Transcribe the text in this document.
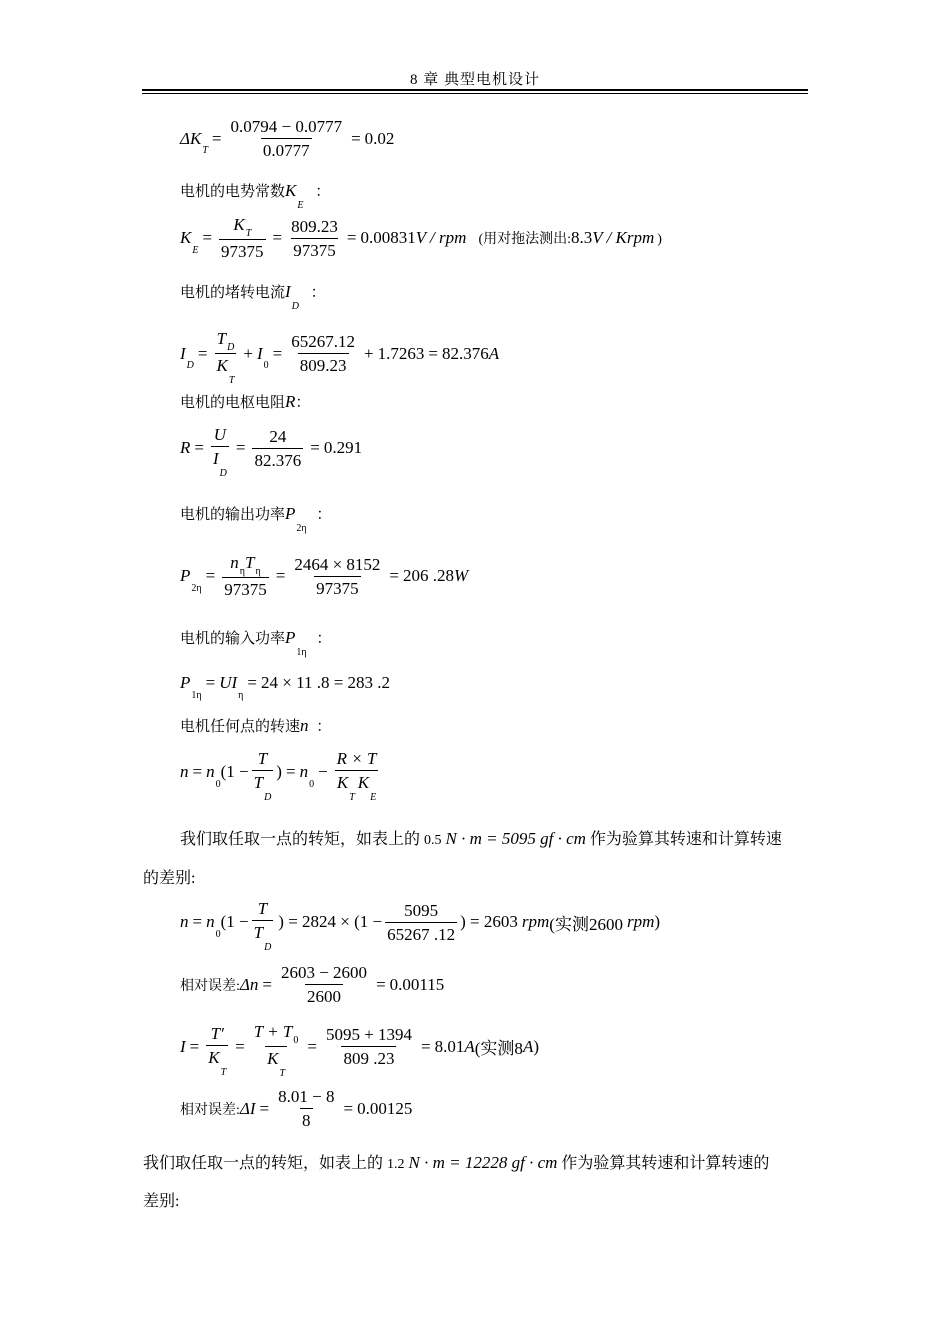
8 章 典型电机设计
ΔK
T
= $\frac{0.0794 - 0.0777}{0.0777} = 0.02$
电机的电势常数$K_E$ ：
K
E
= $\frac{K_T}{97375} = \frac{809.23}{97375} = 0.00831$ V / rpm (用对拖法测出:8.3V / Krpm )
电机的堵转电流$I_D$ ：
I
D
= $\frac{T_D}{K_T} + I$
0
= $\frac{65267.12}{809.23} + 1.7263 = 82.376$ A
电机的电枢电阻R：
$R = \frac{U}{I_D} = \frac{24}{82.376} = 0.291$
电机的输出功率$P_{2\eta}$ ：
P
2η
= $\frac{n_\eta T_\eta}{97375} = \frac{2464 \times 8152}{97375} = 206$ .28 W
电机的输入功率$P_{1\eta}$ ：
P
1η
= UI
η
= 24 × 11 .8 = 283 .2
电机任何点的转速n ：
n = n
0
($1 - \frac{T}{T_D}$ ) = n
0
− $\frac{R \times T}{K_TK_E}$
我们取任取一点的转矩，如表上的 0.5 N · m = 5095 gf · cm 作为验算其转速和计算转速
的差别:
n = n
0
($1 - \frac{T}{T_D}$ ) = $2824 \times (1 - \frac{5095}{65267 .12}$ ) = 2603 rpm (实测2600 rpm )
相对误差: $\Delta n = \frac{2603 - 2600}{2600} = 0.00115$
$I = \frac{T'}{K_T} = \frac{T + T_0}{K_T} = \frac{5095 + 1394}{809 .23} = 8.01$ A (实测8 A )
相对误差: $\Delta I = \frac{8.01 - 8}{8} = 0.00125$
我们取任取一点的转矩，如表上的 1.2 N · m = 12228 gf · cm 作为验算其转速和计算转速的
差别:
